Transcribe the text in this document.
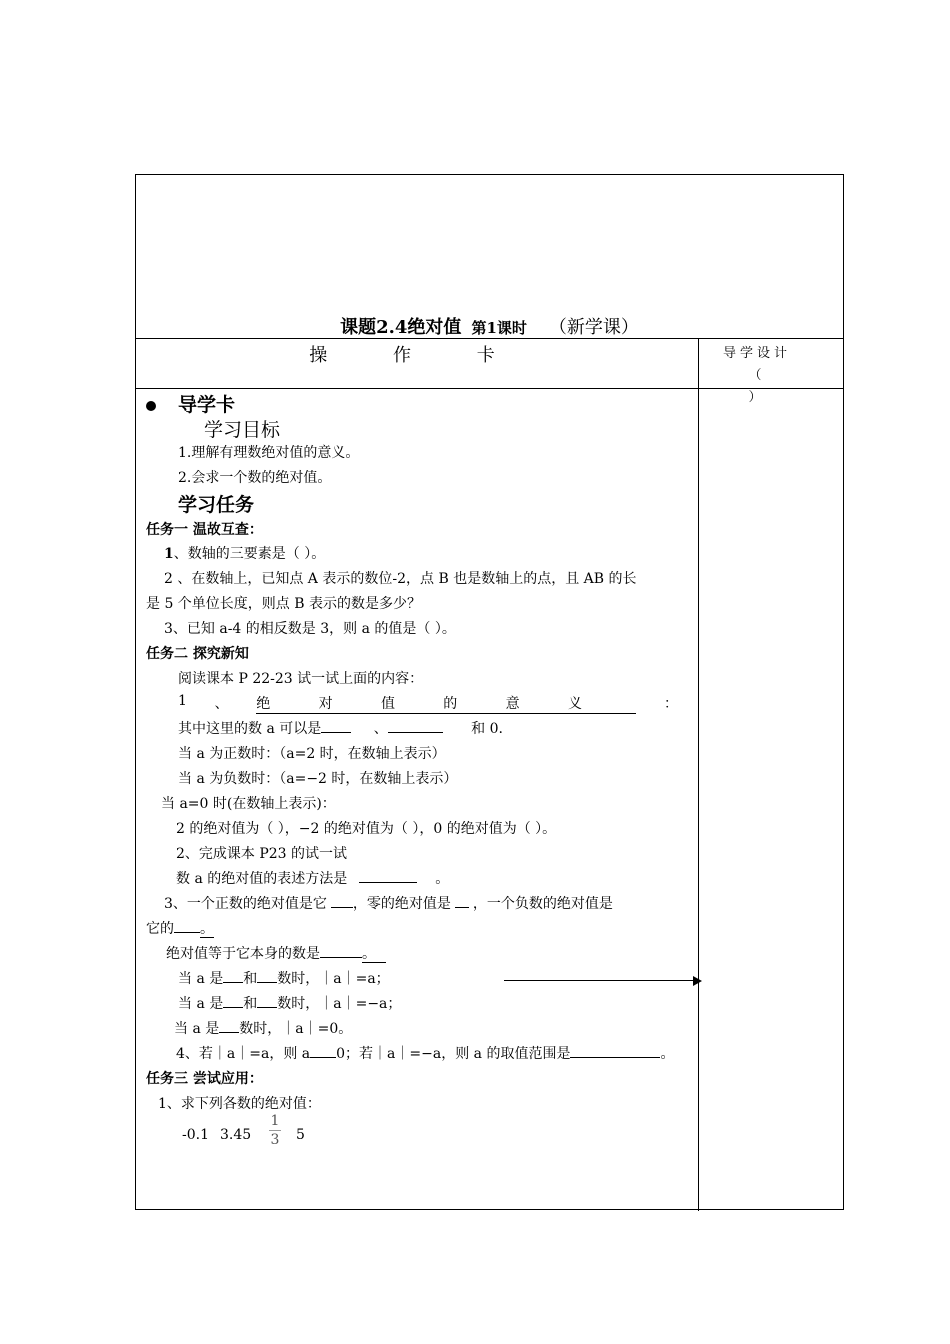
课题2.4绝对值 第1课时 （新学课）
操 作 卡	导学设计（
）
导学卡
学习目标
1.理解有理数绝对值的意义。
2.会求一个数的绝对值。
学习任务
任务一 温故互查：
1、数轴的三要素是（ ）。
2 、在数轴上，已知点 A 表示的数位-2，点 B 也是数轴上的点，且 AB 的长
是 5 个单位长度，则点 B 表示的数是多少？
3、已知 a-4 的相反数是 3，则 a 的值是（ ）。
任务二 探究新知
阅读课本 P 22-23 试一试上面的内容：
1 、 绝	对	值	的	意	义	：
其中这里的数 a 可以是	、	和 0.
当 a 为正数时：（a=2 时，在数轴上表示）
当 a 为负数时：（a=−2 时，在数轴上表示）
当 a=0 时(在数轴上表示)：
2 的绝对值为（ ），−2 的绝对值为（ ），0 的绝对值为（ ）。
2、完成课本 P23 的试一试
数 a 的绝对值的表述方法是	。
3、一个正数的绝对值是它 ，零的绝对值是 ，一个负数的绝对值是
它的 。
绝对值等于它本身的数是	。
当 a 是 和 数时，｜a｜=a；
当 a 是 和 数时，｜a｜=−a；
当 a 是 数时，｜a｜=0。
4、若｜a｜=a，则 a 0；若｜a｜=−a，则 a 的取值范围是	。
任务三 尝试应用：
1、求下列各数的绝对值：
-0.1 3.45
1
3 5
